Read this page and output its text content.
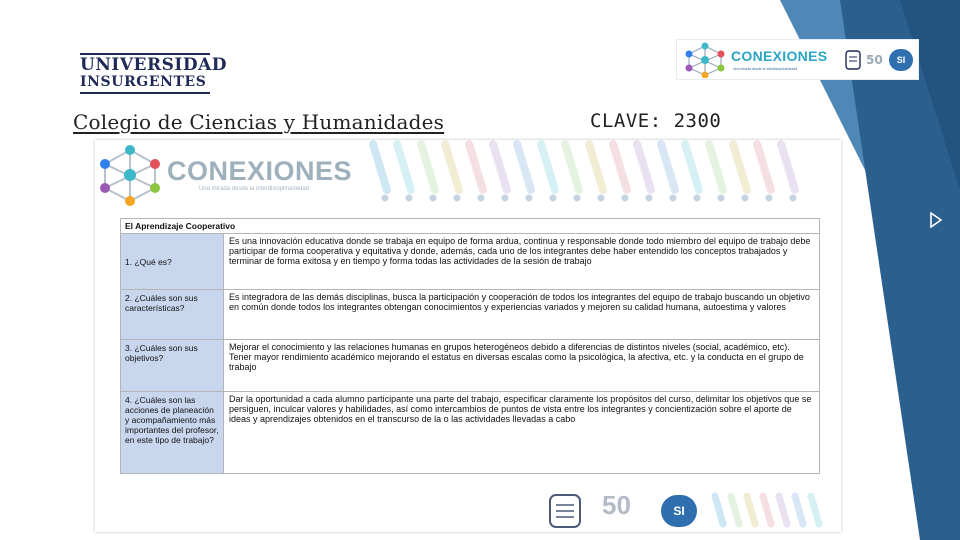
UNIVERSIDAD
INSURGENTES
Colegio de Ciencias y Humanidades	CLAVE: 2300
CONEXIONES
Una mirada desde la interdisciplinariedad
50	SI
CONEXIONES
Una mirada desde la interdisciplinariedad
El Aprendizaje Cooperativo	
1. ¿Qué es?	Es una innovación educativa donde se trabaja en equipo de forma ardua, continua y responsable donde todo miembro del equipo de trabajo debe participar de forma cooperativa y equitativa y donde, además, cada uno de los integrantes debe haber entendido los conceptos trabajados y terminar de forma exitosa y en tiempo y forma todas las actividades de la sesión de trabajo
2. ¿Cuáles son sus características?	Es integradora de las demás disciplinas, busca la participación y cooperación de todos los integrantes del equipo de trabajo buscando un objetivo en común donde todos los integrantes obtengan conocimientos y experiencias variados y mejoren su calidad humana, autoestima y valores
3. ¿Cuáles son sus objetivos?	Mejorar el conocimiento y las relaciones humanas en grupos heterogéneos debido a diferencias de distintos niveles (social, académico, etc). Tener mayor rendimiento académico mejorando el estatus en diversas escalas como la psicológica, la afectiva, etc. y la conducta en el grupo de trabajo
4. ¿Cuáles son las acciones de planeación y acompañamiento más importantes del profesor, en este tipo de trabajo?	Dar la oportunidad a cada alumno participante una parte del trabajo, especificar claramente los propósitos del curso, delimitar los objetivos que se persiguen, inculcar valores y habilidades, así como intercambios de puntos de vista entre los integrantes y concientización sobre el aporte de ideas y aprendizajes obtenidos en el transcurso de la o las actividades llevadas a cabo
50	SI
